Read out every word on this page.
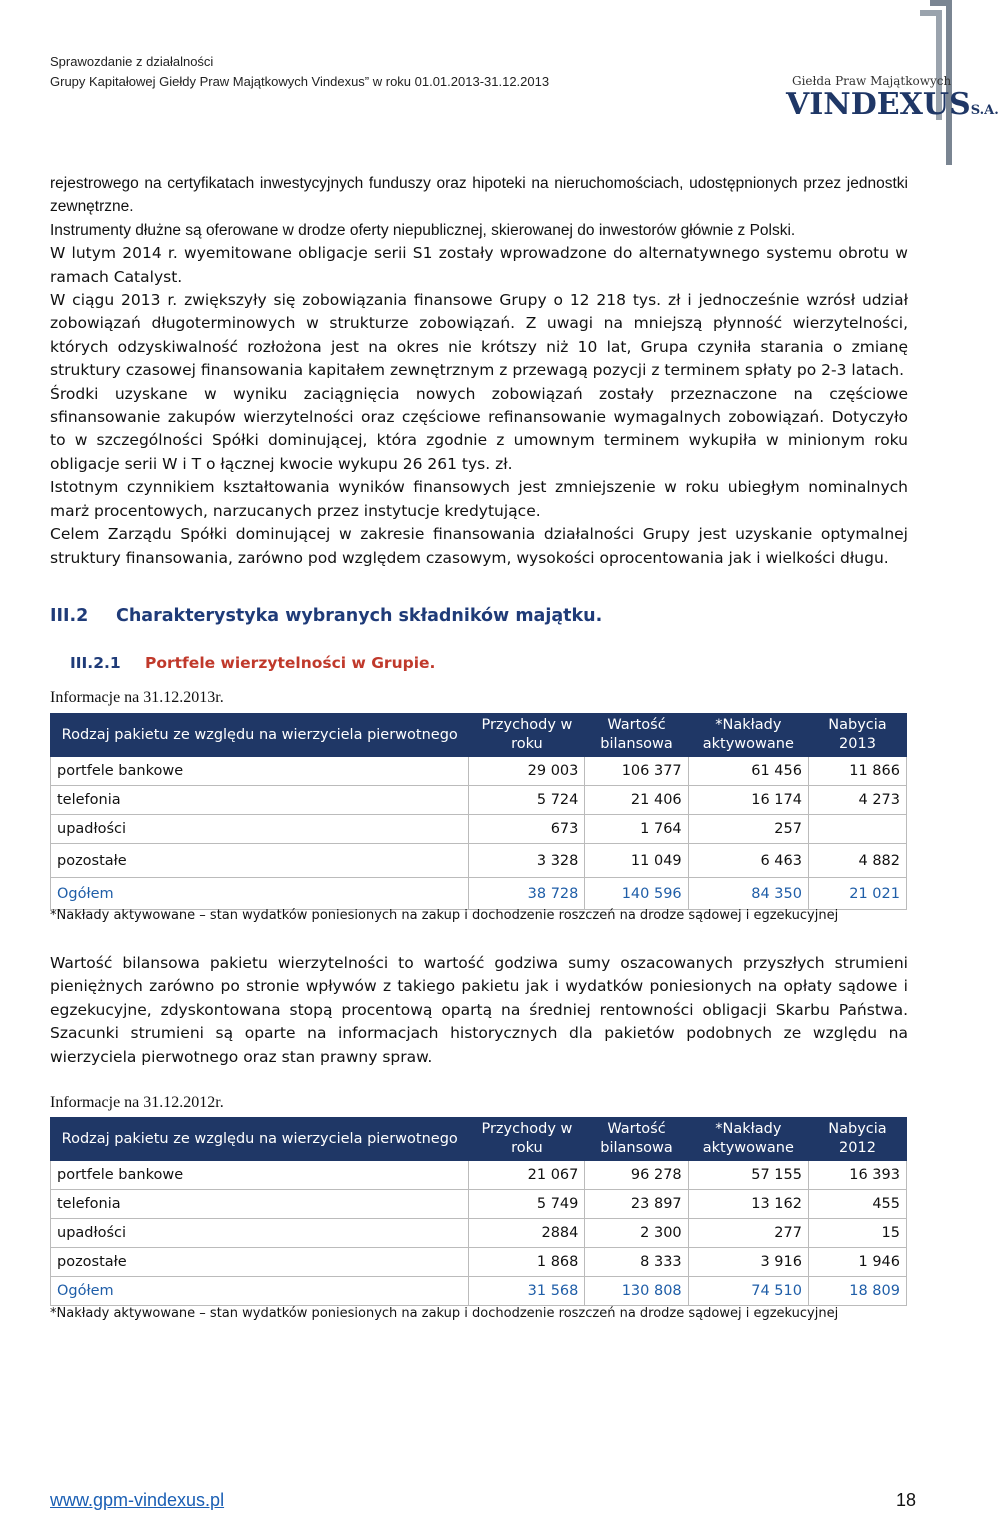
Sprawozdanie z działalności
Grupy Kapitałowej Giełdy Praw Majątkowych Vindexus” w roku 01.01.2013-31.12.2013	Giełda Praw Majątkowych
VINDEXUSS.A.

rejestrowego na certyfikatach inwestycyjnych funduszy oraz hipoteki na nieruchomościach, udostępnionych przez jednostki zewnętrzne.

Instrumenty dłużne są oferowane w drodze oferty niepublicznej, skierowanej do inwestorów głównie z Polski.

W lutym 2014 r. wyemitowane obligacje serii S1 zostały wprowadzone do alternatywnego systemu obrotu w ramach Catalyst.

W ciągu 2013 r. zwiększyły się zobowiązania finansowe Grupy o 12 218 tys. zł i jednocześnie wzrósł udział zobowiązań długoterminowych w strukturze zobowiązań. Z uwagi na mniejszą płynność wierzytelności, których odzyskiwalność rozłożona jest na okres nie krótszy niż 10 lat, Grupa czyniła starania o zmianę struktury czasowej finansowania kapitałem zewnętrznym z przewagą pozycji z terminem spłaty po 2-3 latach.

Środki uzyskane w wyniku zaciągnięcia nowych zobowiązań zostały przeznaczone na częściowe sfinansowanie zakupów wierzytelności oraz częściowe refinansowanie wymagalnych zobowiązań. Dotyczyło to w szczególności Spółki dominującej, która zgodnie z umownym terminem wykupiła w minionym roku obligacje serii W i T o łącznej kwocie wykupu 26 261 tys. zł.

Istotnym czynnikiem kształtowania wyników finansowych jest zmniejszenie w roku ubiegłym nominalnych marż procentowych, narzucanych przez instytucje kredytujące.

Celem Zarządu Spółki dominującej w zakresie finansowania działalności Grupy jest uzyskanie optymalnej struktury finansowania, zarówno pod względem czasowym, wysokości oprocentowania jak i wielkości długu.

III.2 Charakterystyka wybranych składników majątku.
III.2.1 Portfele wierzytelności w Grupie.
Informacje na 31.12.2013r.
Rodzaj pakietu ze względu na wierzyciela pierwotnego	Przychody w roku	Wartość bilansowa	*Nakłady aktywowane	Nabycia 2013
portfele bankowe	29 003	106 377	61 456	11 866
telefonia	5 724	21 406	16 174	4 273
upadłości	673	1 764	257	
pozostałe	3 328	11 049	6 463	4 882
Ogółem	38 728	140 596	84 350	21 021
*Nakłady aktywowane – stan wydatków poniesionych na zakup i dochodzenie roszczeń na drodze sądowej i egzekucyjnej

Wartość bilansowa pakietu wierzytelności to wartość godziwa sumy oszacowanych przyszłych strumieni pieniężnych zarówno po stronie wpływów z takiego pakietu jak i wydatków poniesionych na opłaty sądowe i egzekucyjne, zdyskontowana stopą procentową opartą na średniej rentowności obligacji Skarbu Państwa. Szacunki strumieni są oparte na informacjach historycznych dla pakietów podobnych ze względu na wierzyciela pierwotnego oraz stan prawny spraw.

Informacje na 31.12.2012r.
Rodzaj pakietu ze względu na wierzyciela pierwotnego	Przychody w roku	Wartość bilansowa	*Nakłady aktywowane	Nabycia 2012
portfele bankowe	21 067	96 278	57 155	16 393
telefonia	5 749	23 897	13 162	455
upadłości	2884	2 300	277	15
pozostałe	1 868	8 333	3 916	1 946
Ogółem	31 568	130 808	74 510	18 809
*Nakłady aktywowane – stan wydatków poniesionych na zakup i dochodzenie roszczeń na drodze sądowej i egzekucyjnej
www.gpm-vindexus.pl	18
